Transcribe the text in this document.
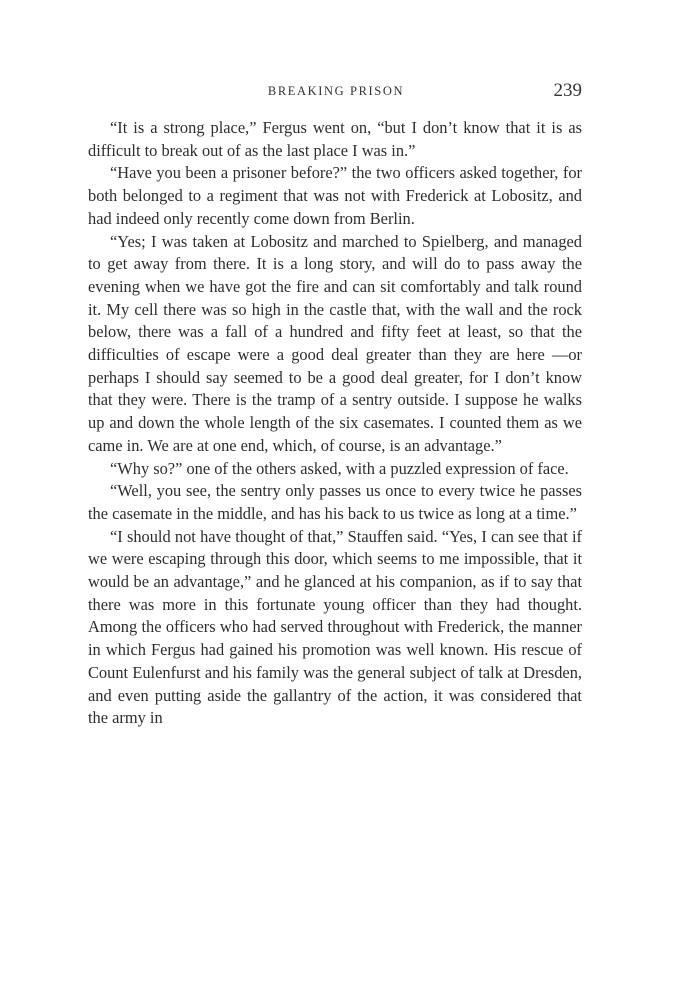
BREAKING PRISON	239

“It is a strong place,” Fergus went on, “but I don’t know that it is as difficult to break out of as the last place I was in.”

“Have you been a prisoner before?” the two officers asked together, for both belonged to a regiment that was not with Frederick at Lobositz, and had indeed only recently come down from Berlin.

“Yes; I was taken at Lobositz and marched to Spielberg, and managed to get away from there. It is a long story, and will do to pass away the evening when we have got the fire and can sit comfortably and talk round it. My cell there was so high in the castle that, with the wall and the rock below, there was a fall of a hundred and fifty feet at least, so that the difficulties of escape were a good deal greater than they are here —or perhaps I should say seemed to be a good deal greater, for I don’t know that they were. There is the tramp of a sentry outside. I suppose he walks up and down the whole length of the six casemates. I counted them as we came in. We are at one end, which, of course, is an advantage.”

“Why so?” one of the others asked, with a puzzled expression of face.

“Well, you see, the sentry only passes us once to every twice he passes the casemate in the middle, and has his back to us twice as long at a time.”

“I should not have thought of that,” Stauffen said. “Yes, I can see that if we were escaping through this door, which seems to me impossible, that it would be an advantage,” and he glanced at his companion, as if to say that there was more in this fortunate young officer than they had thought. Among the officers who had served throughout with Frederick, the manner in which Fergus had gained his promotion was well known. His rescue of Count Eulenfurst and his family was the general subject of talk at Dresden, and even putting aside the gallantry of the action, it was considered that the army in
